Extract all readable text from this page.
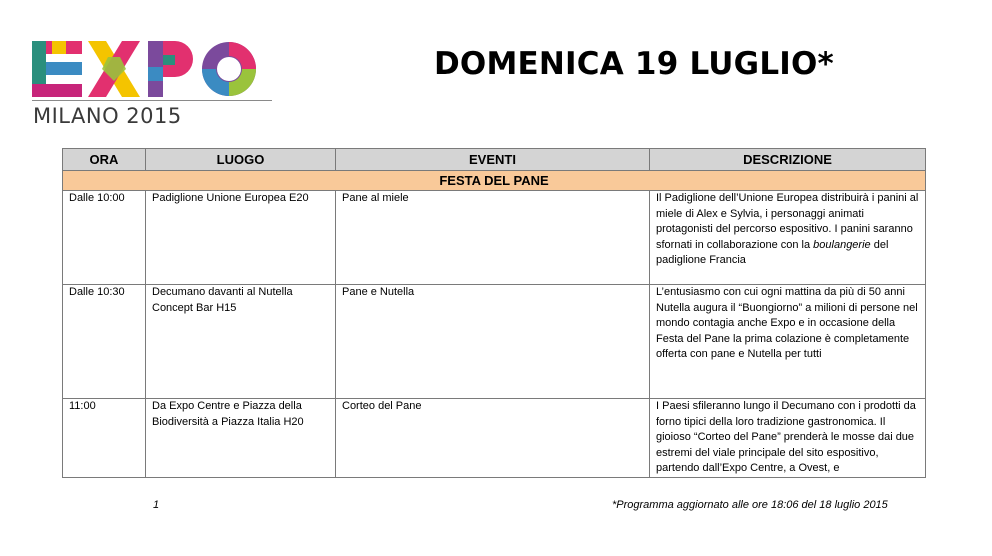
MILANO 2015
DOMENICA 19 LUGLIO*
ORA	LUOGO	EVENTI	DESCRIZIONE
FESTA DEL PANE			
Dalle 10:00	Padiglione Unione Europea E20	Pane al miele	Il Padiglione dell’Unione Europea distribuirà i panini al miele di Alex e Sylvia, i personaggi animati protagonisti del percorso espositivo. I panini saranno sfornati in collaborazione con la boulangerie del padiglione Francia
Dalle 10:30	Decumano davanti al Nutella Concept Bar H15	Pane e Nutella	L’entusiasmo con cui ogni mattina da più di 50 anni Nutella augura il “Buongiorno” a milioni di persone nel mondo contagia anche Expo e in occasione della Festa del Pane la prima colazione è completamente offerta con pane e Nutella per tutti
11:00	Da Expo Centre e Piazza della Biodiversità a Piazza Italia H20	Corteo del Pane	I Paesi sfileranno lungo il Decumano con i prodotti da forno tipici della loro tradizione gastronomica. Il gioioso “Corteo del Pane” prenderà le mosse dai due estremi del viale principale del sito espositivo, partendo dall’Expo Centre, a Ovest, e
1	*Programma aggiornato alle ore 18:06 del 18 luglio 2015
